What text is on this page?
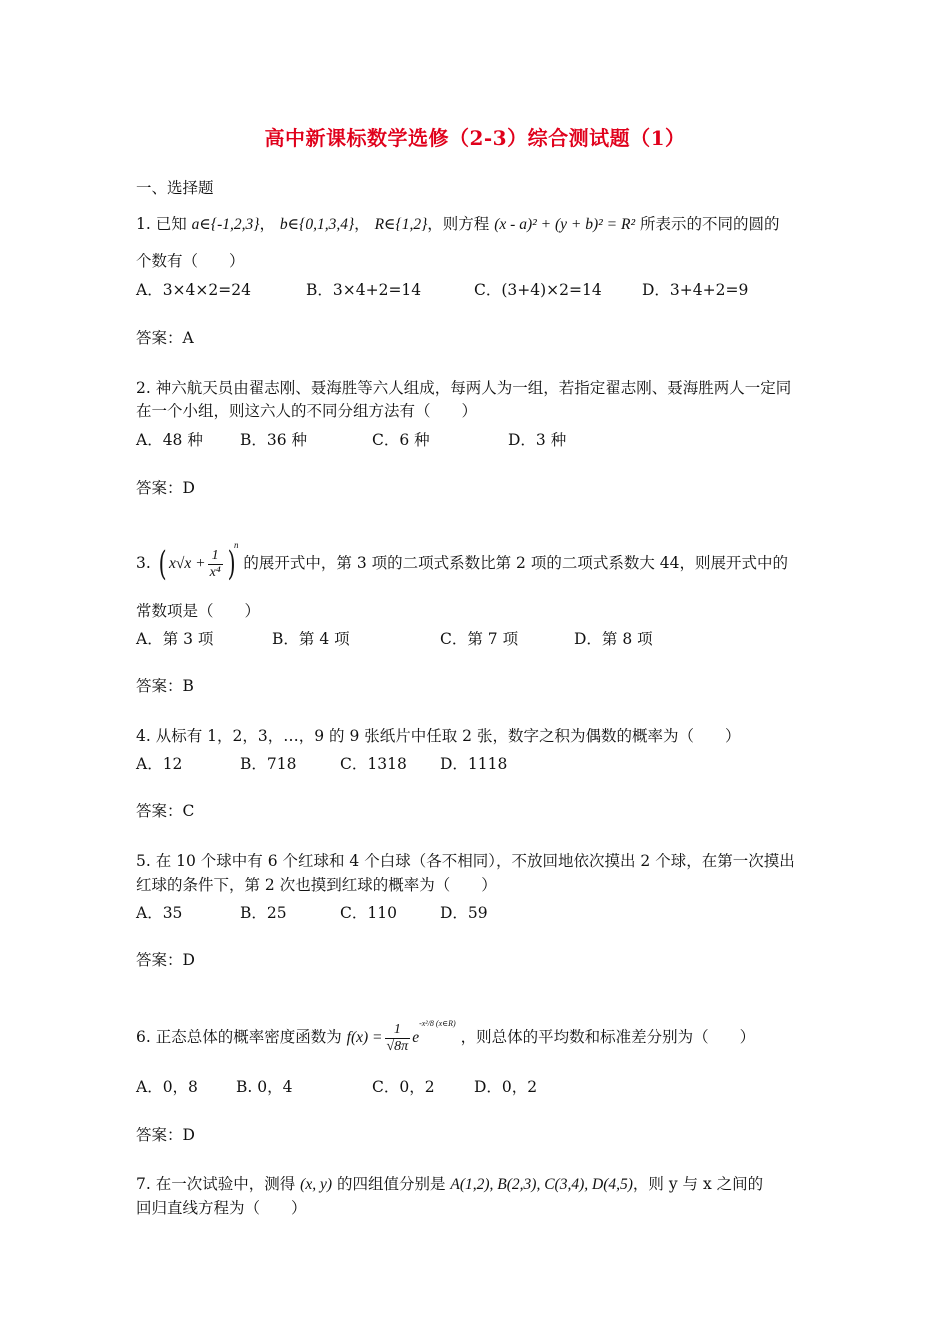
高中新课标数学选修（2-3）综合测试题（1）
一、选择题
1. 已知 a∈{-1,2,3}， b∈{0,1,3,4}， R∈{1,2}，则方程 (x - a)² + (y + b)² = R² 所表示的不同的圆的
个数有（　　）
A．3×4×2=24	B．3×4+2=14	C．(3+4)×2=14	D．3+4+2=9
答案：A
2. 神六航天员由翟志刚、聂海胜等六人组成，每两人为一组，若指定翟志刚、聂海胜两人一定同
在一个小组，则这六人的不同分组方法有（　　）
A．48 种 B．36 种	C．6 种	D．3 种
答案：D
3. ( $x√x + \frac{1}{\text{x⁴}} )^n$ 的展开式中，第 3 项的二项式系数比第 2 项的二项式系数大 44，则展开式中的
常数项是（　　）
A．第 3 项	B．第 4 项	C．第 7 项	D．第 8 项
答案：B
4. 从标有 1，2，3，…，9 的 9 张纸片中任取 2 张，数字之积为偶数的概率为（　　）
A．12	B．718	C．1318 D．1118
答案：C
5. 在 10 个球中有 6 个红球和 4 个白球（各不相同），不放回地依次摸出 2 个球，在第一次摸出
红球的条件下，第 2 次也摸到红球的概率为（　　）
A．35	B．25	C．110	D．59
答案：D
6. 正态总体的概率密度函数为 $f(x) = \frac{1}{√8\pi} e^{-x^2/8 (x\in R)}$ ，则总体的平均数和标准差分别为（　　）
A．0，8 B. 0，4	C．0，2	D．0，2
答案：D
7. 在一次试验中，测得 (x, y) 的四组值分别是 A(1,2), B(2,3), C(3,4), D(4,5)，则 y 与 x 之间的
回归直线方程为（　　）
